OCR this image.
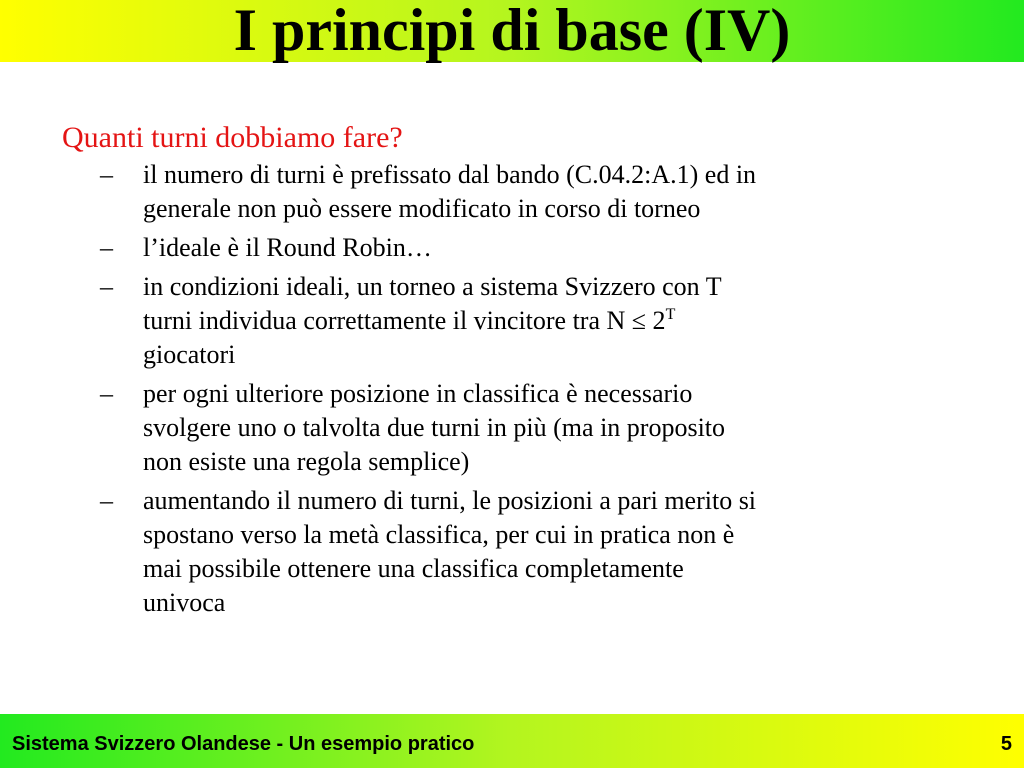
I principi di base (IV)
Quanti turni dobbiamo fare?
– il numero di turni è prefissato dal bando (C.04.2:A.1) ed in
generale non può essere modificato in corso di torneo
– l’ideale è il Round Robin…
– in condizioni ideali, un torneo a sistema Svizzero con T
turni individua correttamente il vincitore tra $N \le 2^T$
giocatori
– per ogni ulteriore posizione in classifica è necessario
svolgere uno o talvolta due turni in più (ma in proposito
non esiste una regola semplice)
– aumentando il numero di turni, le posizioni a pari merito si
spostano verso la metà classifica, per cui in pratica non è
mai possibile ottenere una classifica completamente
univoca
Sistema Svizzero Olandese - Un esempio pratico	5
